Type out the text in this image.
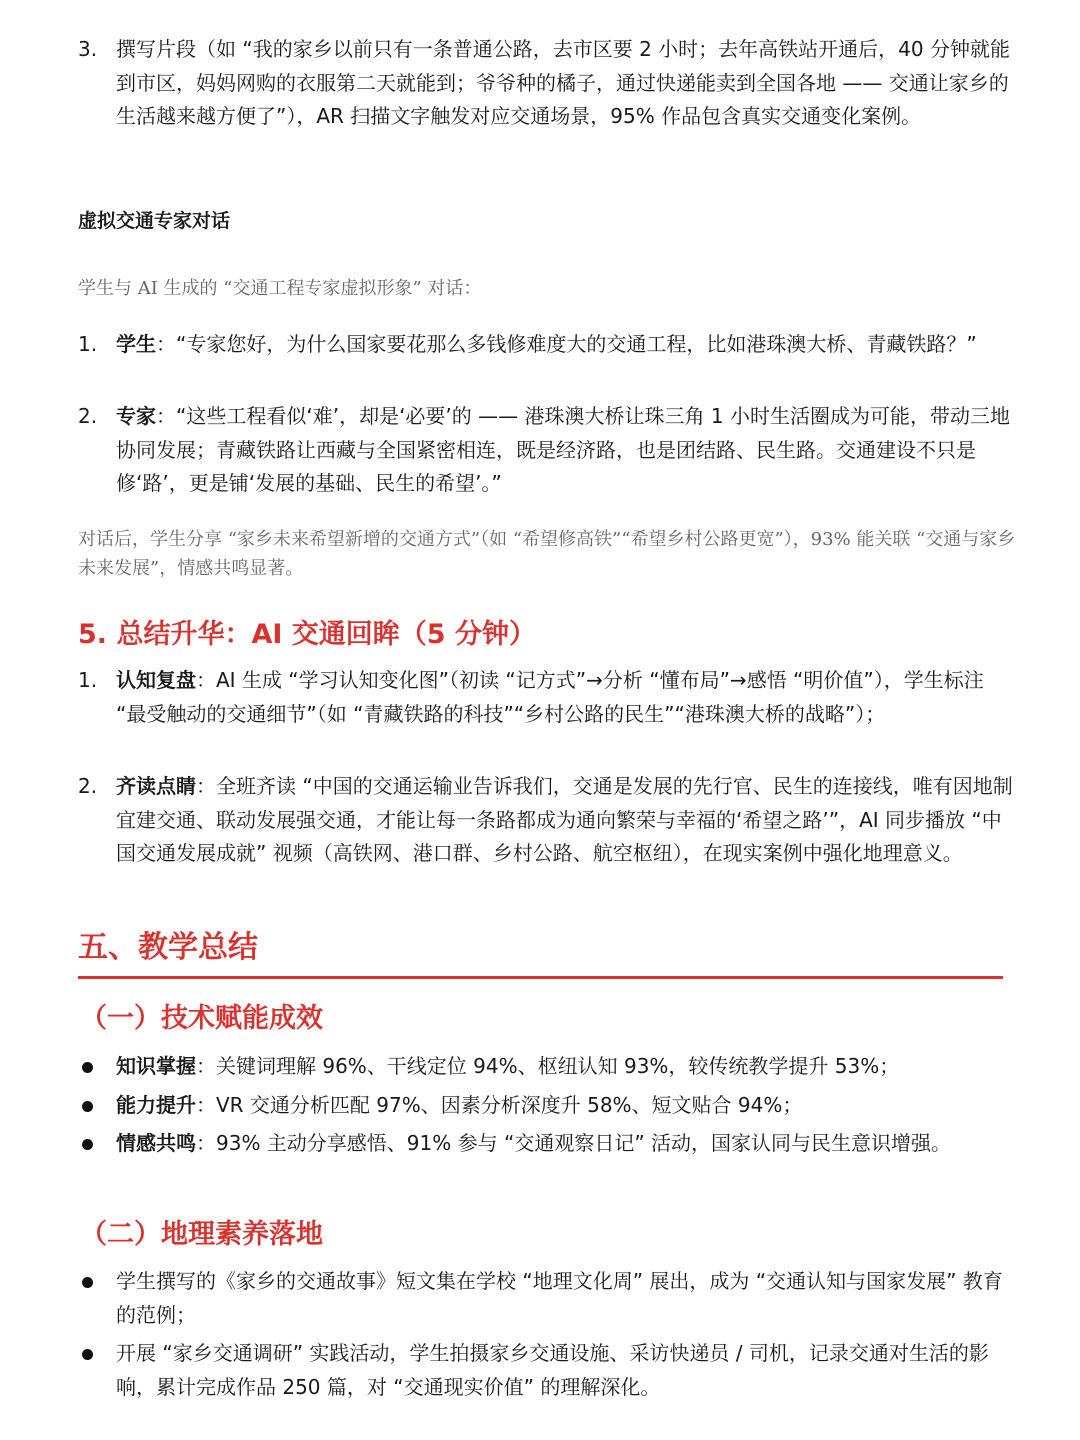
3. 撰写片段（如 “我的家乡以前只有一条普通公路，去市区要 2 小时；去年高铁站开通后，40 分钟就能到市区，妈妈网购的衣服第二天就能到；爷爷种的橘子，通过快递能卖到全国各地 —— 交通让家乡的生活越来越方便了”），AR 扫描文字触发对应交通场景，95% 作品包含真实交通变化案例。
虚拟交通专家对话
学生与 AI 生成的 “交通工程专家虚拟形象” 对话：
1. 学生：“专家您好，为什么国家要花那么多钱修难度大的交通工程，比如港珠澳大桥、青藏铁路？”
2. 专家：“这些工程看似‘难’，却是‘必要’的 —— 港珠澳大桥让珠三角 1 小时生活圈成为可能，带动三地协同发展；青藏铁路让西藏与全国紧密相连，既是经济路，也是团结路、民生路。交通建设不只是修‘路’，更是铺‘发展的基础、民生的希望’。”
对话后，学生分享 “家乡未来希望新增的交通方式”（如 “希望修高铁”“希望乡村公路更宽”），93% 能关联 “交通与家乡未来发展”，情感共鸣显著。
5. 总结升华：AI 交通回眸（5 分钟）
1. 认知复盘：AI 生成 “学习认知变化图”（初读 “记方式”→分析 “懂布局”→感悟 “明价值”），学生标注 “最受触动的交通细节”（如 “青藏铁路的科技”“乡村公路的民生”“港珠澳大桥的战略”）；
2. 齐读点睛：全班齐读 “中国的交通运输业告诉我们，交通是发展的先行官、民生的连接线，唯有因地制宜建交通、联动发展强交通，才能让每一条路都成为通向繁荣与幸福的‘希望之路’”，AI 同步播放 “中国交通发展成就” 视频（高铁网、港口群、乡村公路、航空枢纽），在现实案例中强化地理意义。
五、教学总结
（一）技术赋能成效
知识掌握：关键词理解 96%、干线定位 94%、枢纽认知 93%，较传统教学提升 53%；
能力提升：VR 交通分析匹配 97%、因素分析深度升 58%、短文贴合 94%；
情感共鸣：93% 主动分享感悟、91% 参与 “交通观察日记” 活动，国家认同与民生意识增强。
（二）地理素养落地
学生撰写的《家乡的交通故事》短文集在学校 “地理文化周” 展出，成为 “交通认知与国家发展” 教育的范例；
开展 “家乡交通调研” 实践活动，学生拍摄家乡交通设施、采访快递员 / 司机，记录交通对生活的影响，累计完成作品 250 篇，对 “交通现实价值” 的理解深化。
